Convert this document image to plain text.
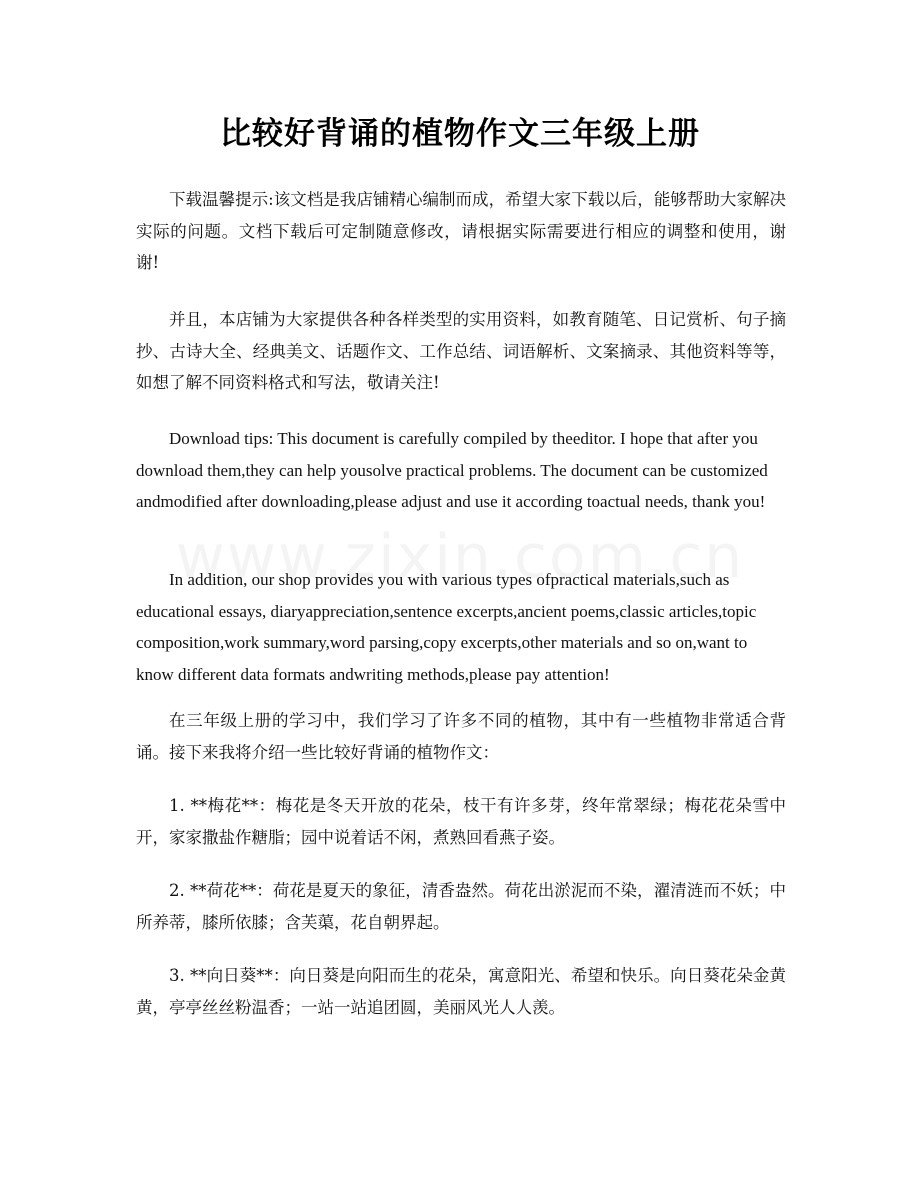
比较好背诵的植物作文三年级上册

下载温馨提示:该文档是我店铺精心编制而成，希望大家下载以后，能够帮助大家解决实际的问题。文档下载后可定制随意修改，请根据实际需要进行相应的调整和使用，谢谢!

并且，本店铺为大家提供各种各样类型的实用资料，如教育随笔、日记赏析、句子摘抄、古诗大全、经典美文、话题作文、工作总结、词语解析、文案摘录、其他资料等等，如想了解不同资料格式和写法，敬请关注!

Download tips: This document is carefully compiled by theeditor. I hope that after you download them,they can help yousolve practical problems. The document can be customized andmodified after downloading,please adjust and use it according toactual needs, thank you!

In addition, our shop provides you with various types ofpractical materials,such as educational essays, diaryappreciation,sentence excerpts,ancient poems,classic articles,topic composition,work summary,word parsing,copy excerpts,other materials and so on,want to know different data formats andwriting methods,please pay attention!

在三年级上册的学习中，我们学习了许多不同的植物，其中有一些植物非常适合背诵。接下来我将介绍一些比较好背诵的植物作文：

1. **梅花**：梅花是冬天开放的花朵，枝干有许多芽，终年常翠绿；梅花花朵雪中开，家家撒盐作糖脂；园中说着话不闲，煮熟回看燕子姿。

2. **荷花**：荷花是夏天的象征，清香盎然。荷花出淤泥而不染，濯清涟而不妖；中所养蒂，膝所依膝；含芙蕖，花自朝界起。

3. **向日葵**：向日葵是向阳而生的花朵，寓意阳光、希望和快乐。向日葵花朵金黄黄，亭亭丝丝粉温香；一站一站追团圆，美丽风光人人羡。
